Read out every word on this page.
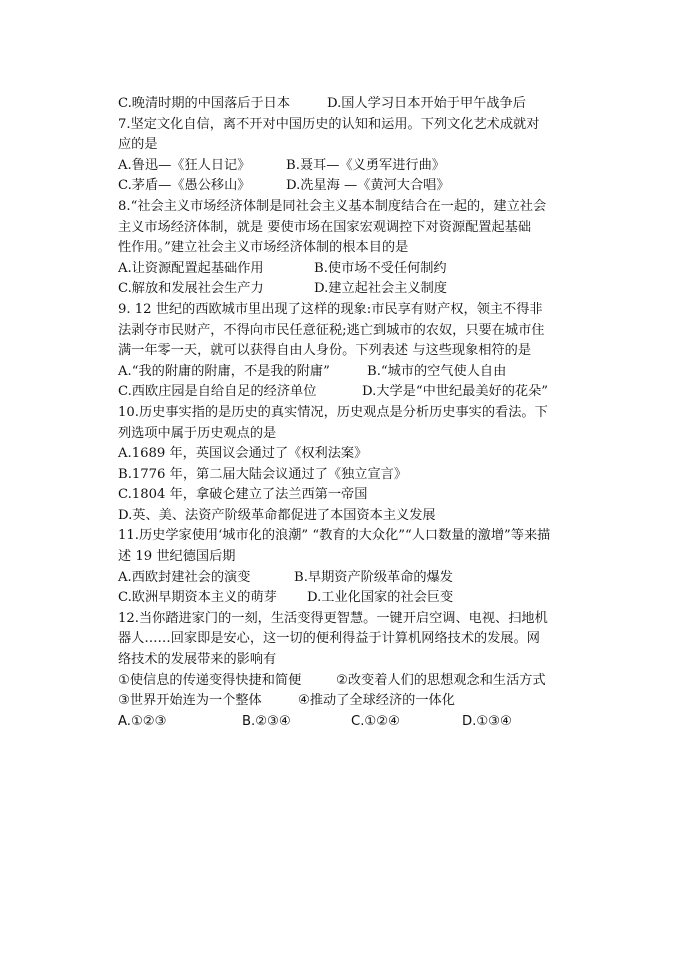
C.晚清时期的中国落后于日本	D.国人学习日本开始于甲午战争后
7.坚定文化自信，离不开对中国历史的认知和运用。下列文化艺术成就对
应的是
A.鲁迅—《狂人日记》	B.聂耳—《义勇军进行曲》
C.茅盾—《愚公移山》	D.冼星海 —《黄河大合唱》
8.“社会主义市场经济体制是同社会主义基本制度结合在一起的，建立社会
主义市场经济体制，就是 要使市场在国家宏观调控下对资源配置起基础
性作用。”建立社会主义市场经济体制的根本目的是
A.让资源配置起基础作用	B.使市场不受任何制约
C.解放和发展社会生产力	D.建立起社会主义制度
9. 12 世纪的西欧城市里出现了这样的现象:市民享有财产权，领主不得非
法剥夺市民财产，不得向市民任意征税;逃亡到城市的农奴，只要在城市住
满一年零一天，就可以获得自由人身份。下列表述 与这些现象相符的是
A.“我的附庸的附庸，不是我的附庸”	B.“城市的空气使人自由
C.西欧庄园是自给自足的经济单位	D.大学是“中世纪最美好的花朵”
10.历史事实指的是历史的真实情况，历史观点是分析历史事实的看法。下
列选项中属于历史观点的是
A.1689 年，英国议会通过了《权利法案》
B.1776 年，第二届大陆会议通过了《独立宣言》
C.1804 年，拿破仑建立了法兰西第一帝国
D.英、美、法资产阶级革命都促进了本国资本主义发展
11.历史学家使用‘城市化的浪潮” “教育的大众化”“人口数量的激增”等来描
述 19 世纪德国后期
A.西欧封建社会的演变	B.早期资产阶级革命的爆发
C.欧洲早期资本主义的萌芽	D.工业化国家的社会巨变
12.当你踏进家门的一刻，生活变得更智慧。一键开启空调、电视、扫地机
器人……回家即是安心，这一切的便利得益于计算机网络技术的发展。网
络技术的发展带来的影响有
①使信息的传递变得快捷和简便	②改变着人们的思想观念和生活方式
③世界开始连为一个整体	④推动了全球经济的一体化
A.①②③	B.②③④	C.①②④	D.①③④
